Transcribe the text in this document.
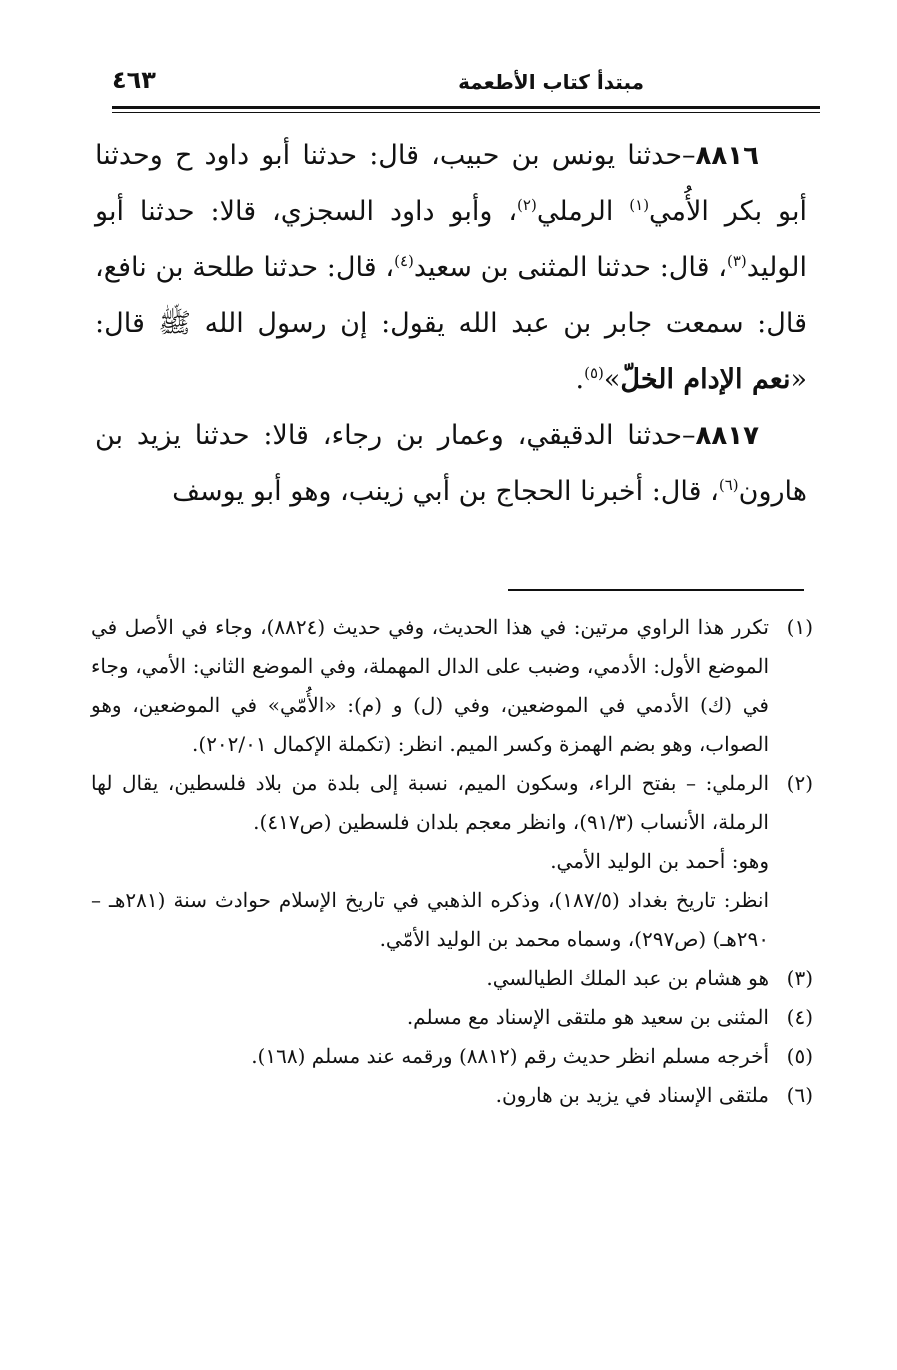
مبتدأ كتاب الأطعمة
٤٦٣

٨٨١٦–حدثنا يونس بن حبيب، قال: حدثنا أبو داود ح وحدثنا أبو بكر الأُمي$^{(١)}$ الرملي$^{(٢)}$، وأبو داود السجزي، قالا: حدثنا أبو الوليد$^{(٣)}$، قال: حدثنا المثنى بن سعيد$^{(٤)}$، قال: حدثنا طلحة بن نافع، قال: سمعت جابر بن عبد الله يقول: إن رسول الله ﷺ قال: «نعم الإدام الخلّ»$^{(٥)}$.

٨٨١٧–حدثنا الدقيقي، وعمار بن رجاء، قالا: حدثنا يزيد بن هارون$^{(٦)}$، قال: أخبرنا الحجاج بن أبي زينب، وهو أبو يوسف

(١)
تكرر هذا الراوي مرتين: في هذا الحديث، وفي حديث (٨٨٢٤)، وجاء في الأصل في الموضع الأول: الأدمي، وضبب على الدال المهملة، وفي الموضع الثاني: الأمي، وجاء في (ك) الأدمي في الموضعين، وفي (ل) و (م): «الأُمّي» في الموضعين، وهو الصواب، وهو بضم الهمزة وكسر الميم. انظر: (تكملة الإكمال ٢٠٢/٠١).

(٢)
الرملي: – بفتح الراء، وسكون الميم، نسبة إلى بلدة من بلاد فلسطين، يقال لها الرملة، الأنساب (٩١/٣)، وانظر معجم بلدان فلسطين (ص٤١٧).

وهو: أحمد بن الوليد الأمي.

انظر: تاريخ بغداد (١٨٧/٥)، وذكره الذهبي في تاريخ الإسلام حوادث سنة (٢٨١هـ – ٢٩٠هـ) (ص٢٩٧)، وسماه محمد بن الوليد الأمّي.

(٣)
هو هشام بن عبد الملك الطيالسي.

(٤)
المثنى بن سعيد هو ملتقى الإسناد مع مسلم.

(٥)
أخرجه مسلم انظر حديث رقم (٨٨١٢) ورقمه عند مسلم (١٦٨).

(٦)
ملتقى الإسناد في يزيد بن هارون.
